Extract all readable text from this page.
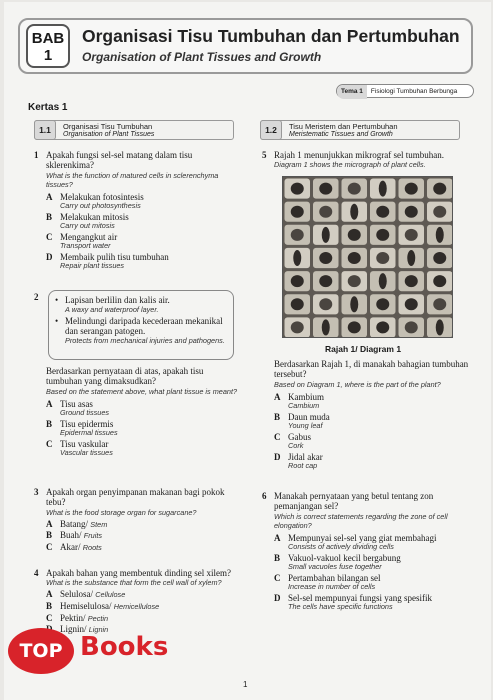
BAB
1
Organisasi Tisu Tumbuhan dan Pertumbuhan
Organisation of Plant Tissues and Growth
Tema 1 Fisiologi Tumbuhan Berbunga
Kertas 1
1.1	Organisasi Tisu Tumbuhan
Organisation of Plant Tissues	1.2	Tisu Meristem dan Pertumbuhan
Meristematic Tissues and Growth
1 Apakah fungsi sel-sel matang dalam tisu sklerenkima?
What is the function of matured cells in sclerenchyma tissues?
A Melakukan fotosintesis
Carry out photosynthesis
B Melakukan mitosis
Carry out mitosis
C Mengangkut air
Transport water
D Membaik pulih tisu tumbuhan
Repair plant tissues
2
•	Lapisan berlilin dan kalis air.
A waxy and waterproof layer.
• Melindungi daripada kecederaan mekanikal dan serangan patogen.
Protects from mechanical injuries and pathogens.
Berdasarkan pernyataan di atas, apakah tisu tumbuhan yang dimaksudkan?
Based on the statement above, what plant tissue is meant?
A Tisu asas
Ground tissues
B Tisu epidermis
Epidermal tissues
C Tisu vaskular
Vascular tissues
3 Apakah organ penyimpanan makanan bagi pokok tebu?
What is the food storage organ for sugarcane?
A Batang/ Stem
B Buah/ Fruits
C Akar/ Roots
4 Apakah bahan yang membentuk dinding sel xilem?
What is the substance that form the cell wall of xylem?
A Selulosa/ Cellulose
B Hemiselulosa/ Hemicellulose
C Pektin/ Pectin
Lignin/ Lignin
5 Rajah 1 menunjukkan mikrograf sel tumbuhan.
Diagram 1 shows the micrograph of plant cells.
Rajah 1/ Diagram 1
Berdasarkan Rajah 1, di manakah bahagian tumbuhan tersebut?
Based on Diagram 1, where is the part of the plant?
A Kambium
Cambium
B Daun muda
Young leaf
C Gabus
Cork
D Jidal akar
Root cap
6 Manakah pernyataan yang betul tentang zon pemanjangan sel?
Which is correct statements regarding the zone of cell elongation?
A Mempunyai sel-sel yang giat membahagi
Consists of actively dividing cells
B Vakuol-vakuol kecil bergabung
Small vacuoles fuse together
C Pertambahan bilangan sel
Increase in number of cells
D Sel-sel mempunyai fungsi yang spesifik
The cells have specific functions
1
TOP Books
